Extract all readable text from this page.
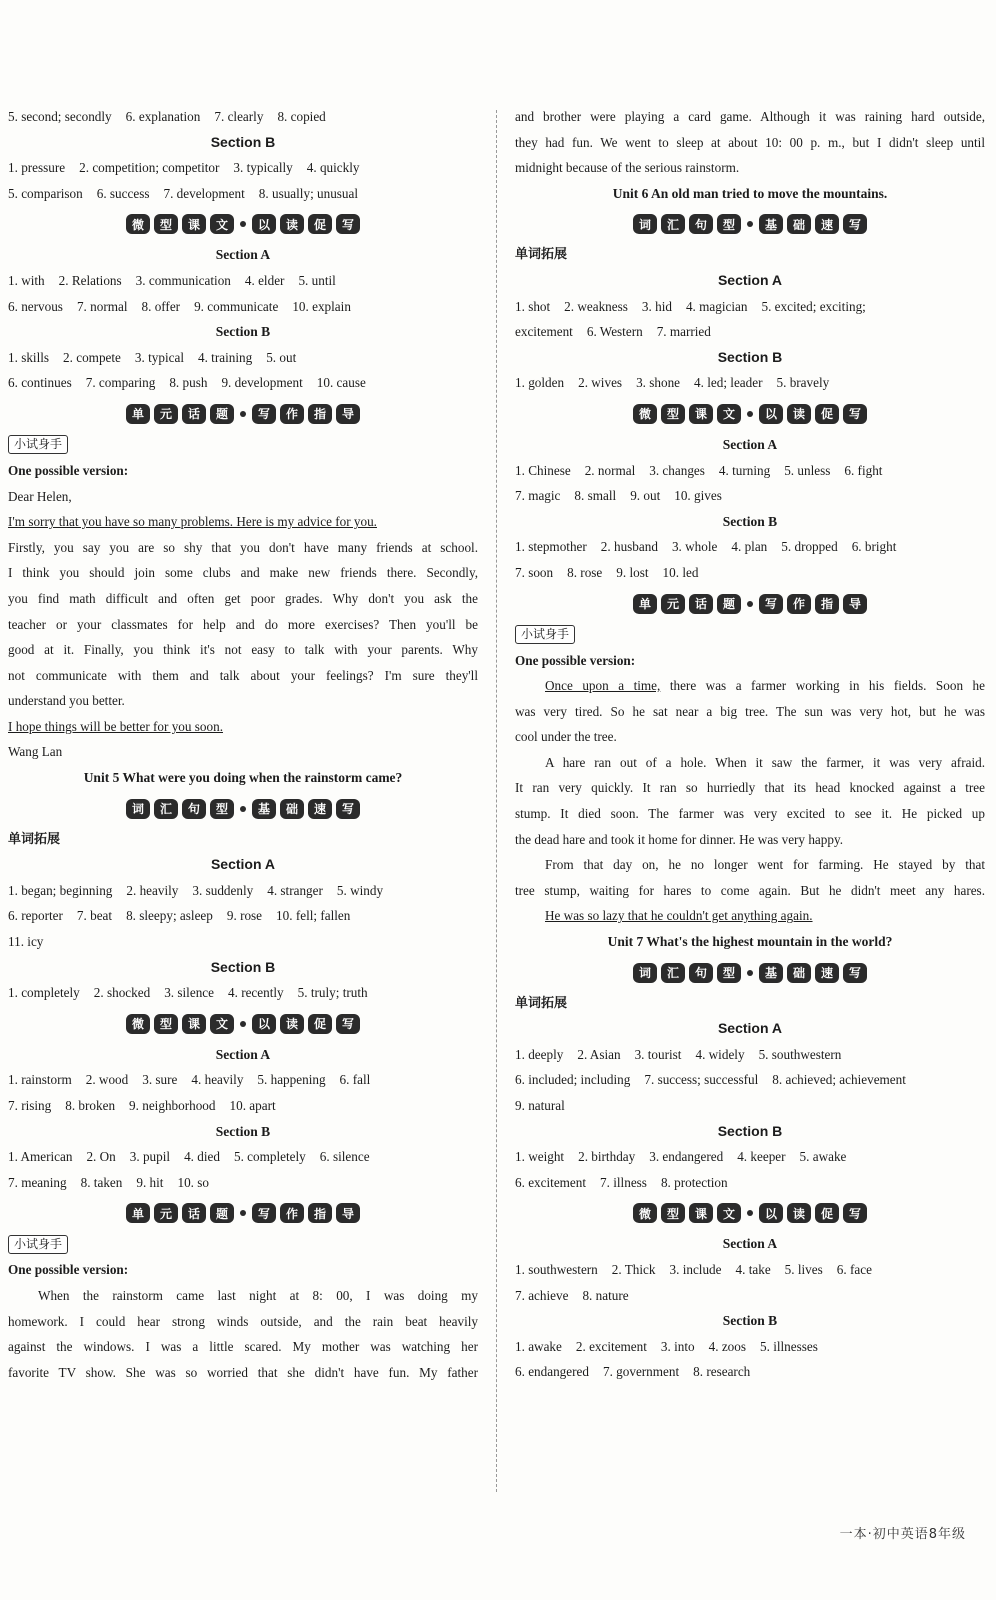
5. second; secondly 6. explanation 7. clearly 8. copied
Section B
1. pressure 2. competition; competitor 3. typically 4. quickly
5. comparison 6. success 7. development 8. usually; unusual
微	型	课	文	以	读	促	写
Section A
1. with 2. Relations 3. communication 4. elder 5. until
6. nervous 7. normal 8. offer 9. communicate 10. explain
Section B
1. skills 2. compete 3. typical 4. training 5. out
6. continues 7. comparing 8. push 9. development 10. cause
单	元	话	题	写	作	指	导
小试身手
One possible version:
Dear Helen,
I'm sorry that you have so many problems. Here is my advice for you.
Firstly, you say you are so shy that you don't have many friends at school.
I think you should join some clubs and make new friends there. Secondly,
you find math difficult and often get poor grades. Why don't you ask the
teacher or your classmates for help and do more exercises? Then you'll be
good at it. Finally, you think it's not easy to talk with your parents. Why
not communicate with them and talk about your feelings? I'm sure they'll
understand you better.
I hope things will be better for you soon.
Wang Lan
Unit 5 What were you doing when the rainstorm came?
词	汇	句	型	基	础	速	写
单词拓展
Section A
1. began; beginning 2. heavily 3. suddenly 4. stranger 5. windy
6. reporter 7. beat 8. sleepy; asleep 9. rose 10. fell; fallen
11. icy
Section B
1. completely 2. shocked 3. silence 4. recently 5. truly; truth
微	型	课	文	以	读	促	写
Section A
1. rainstorm 2. wood 3. sure 4. heavily 5. happening 6. fall
7. rising 8. broken 9. neighborhood 10. apart
Section B
1. American 2. On 3. pupil 4. died 5. completely 6. silence
7. meaning 8. taken 9. hit 10. so
单	元	话	题	写	作	指	导
小试身手
One possible version:
When the rainstorm came last night at 8: 00, I was doing my
homework. I could hear strong winds outside, and the rain beat heavily
against the windows. I was a little scared. My mother was watching her
favorite TV show. She was so worried that she didn't have fun. My father
and brother were playing a card game. Although it was raining hard outside,
they had fun. We went to sleep at about 10: 00 p. m., but I didn't sleep until
midnight because of the serious rainstorm.
Unit 6 An old man tried to move the mountains.
词	汇	句	型	基	础	速	写
单词拓展
Section A
1. shot 2. weakness 3. hid 4. magician 5. excited; exciting;
excitement 6. Western 7. married
Section B
1. golden 2. wives 3. shone 4. led; leader 5. bravely
微	型	课	文	以	读	促	写
Section A
1. Chinese 2. normal 3. changes 4. turning 5. unless 6. fight
7. magic 8. small 9. out 10. gives
Section B
1. stepmother 2. husband 3. whole 4. plan 5. dropped 6. bright
7. soon 8. rose 9. lost 10. led
单	元	话	题	写	作	指	导
小试身手
One possible version:
Once upon a time, there was a farmer working in his fields. Soon he
was very tired. So he sat near a big tree. The sun was very hot, but he was
cool under the tree.
A hare ran out of a hole. When it saw the farmer, it was very afraid.
It ran very quickly. It ran so hurriedly that its head knocked against a tree
stump. It died soon. The farmer was very excited to see it. He picked up
the dead hare and took it home for dinner. He was very happy.
From that day on, he no longer went for farming. He stayed by that
tree stump, waiting for hares to come again. But he didn't meet any hares.
He was so lazy that he couldn't get anything again.
Unit 7 What's the highest mountain in the world?
词	汇	句	型	基	础	速	写
单词拓展
Section A
1. deeply 2. Asian 3. tourist 4. widely 5. southwestern
6. included; including 7. success; successful 8. achieved; achievement
9. natural
Section B
1. weight 2. birthday 3. endangered 4. keeper 5. awake
6. excitement 7. illness 8. protection
微	型	课	文	以	读	促	写
Section A
1. southwestern 2. Thick 3. include 4. take 5. lives 6. face
7. achieve 8. nature
Section B
1. awake 2. excitement 3. into 4. zoos 5. illnesses
6. endangered 7. government 8. research
一本·初中英语8年级
